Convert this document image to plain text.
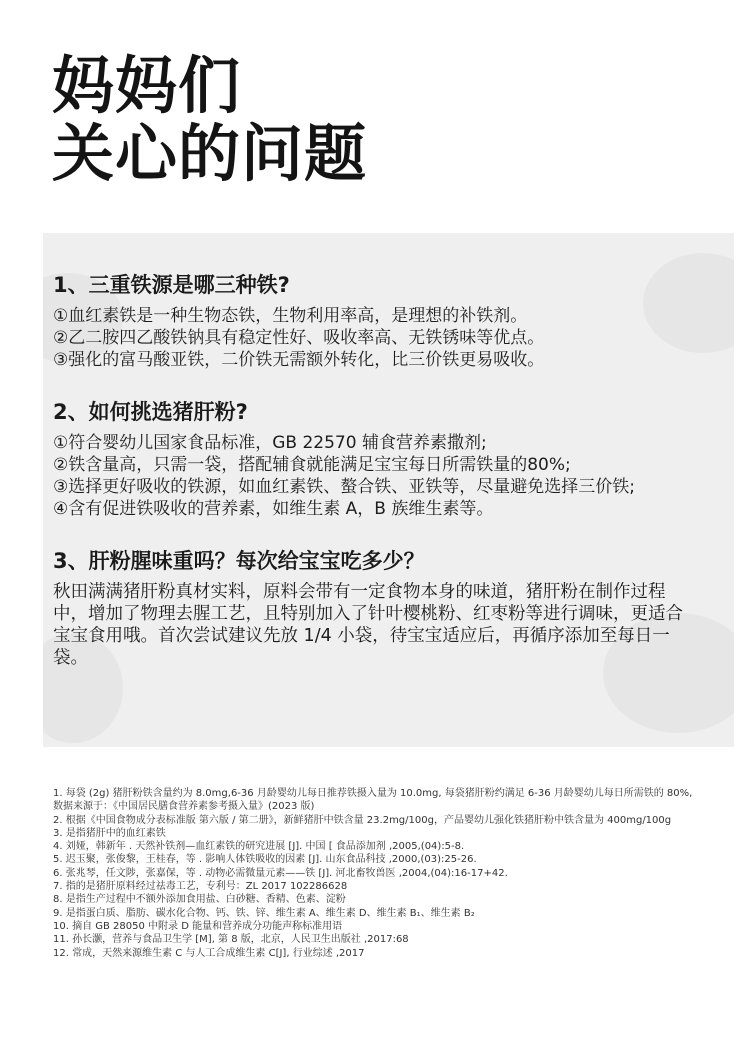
妈妈们
关心的问题
1、三重铁源是哪三种铁?
①血红素铁是一种生物态铁，生物利用率高，是理想的补铁剂。
②乙二胺四乙酸铁钠具有稳定性好、吸收率高、无铁锈味等优点。
③强化的富马酸亚铁，二价铁无需额外转化，比三价铁更易吸收。
2、如何挑选猪肝粉?
①符合婴幼儿国家食品标准，GB 22570 辅食营养素撒剂;
②铁含量高，只需一袋，搭配辅食就能满足宝宝每日所需铁量的80%;
③选择更好吸收的铁源，如血红素铁、螯合铁、亚铁等，尽量避免选择三价铁;
④含有促进铁吸收的营养素，如维生素 A，B 族维生素等。
3、肝粉腥味重吗？每次给宝宝吃多少？
秋田满满猪肝粉真材实料，原料会带有一定食物本身的味道，猪肝粉在制作过程中，增加了物理去腥工艺，且特别加入了针叶樱桃粉、红枣粉等进行调味，更适合宝宝食用哦。首次尝试建议先放 1/4 小袋，待宝宝适应后，再循序添加至每日一袋。
1. 每袋 (2g) 猪肝粉铁含量约为 8.0mg,6-36 月龄婴幼儿每日推荐铁摄入量为 10.0mg, 每袋猪肝粉约满足 6-36 月龄婴幼儿每日所需铁的 80%, 数据来源于：《中国居民膳食营养素参考摄入量》(2023 版)
2. 根据《中国食物成分表标准版 第六版 / 第二册》，新鲜猪肝中铁含量 23.2mg/100g，产品婴幼儿强化铁猪肝粉中铁含量为 400mg/100g
3. 是指猪肝中的血红素铁
4. 刘娅，韩新年 . 天然补铁剂—血红素铁的研究进展 [J]. 中国 [ 食品添加剂 ,2005,(04):5-8.
5. 迟玉聚，张俊黎，王桂春，等 . 影响人体铁吸收的因素 [J]. 山东食品科技 ,2000,(03):25-26.
6. 张兆琴，任文陟，张嘉保，等 . 动物必需微量元素——铁 [J]. 河北畜牧兽医 ,2004,(04):16-17+42.
7. 指的是猪肝原料经过祛毒工艺，专利号：ZL 2017 102286628
8. 是指生产过程中不额外添加食用盐、白砂糖、香精、色素、淀粉
9. 是指蛋白质、脂肪、碳水化合物、钙、铁、锌、维生素 A、维生素 D、维生素 B₁、维生素 B₂
10. 摘自 GB 28050 中附录 D 能量和营养成分功能声称标准用语
11. 孙长灏，营养与食品卫生学 [M], 第 8 版，北京，人民卫生出版社 ,2017:68
12. 常成，天然来源维生素 C 与人工合成维生素 C[J], 行业综述 ,2017
